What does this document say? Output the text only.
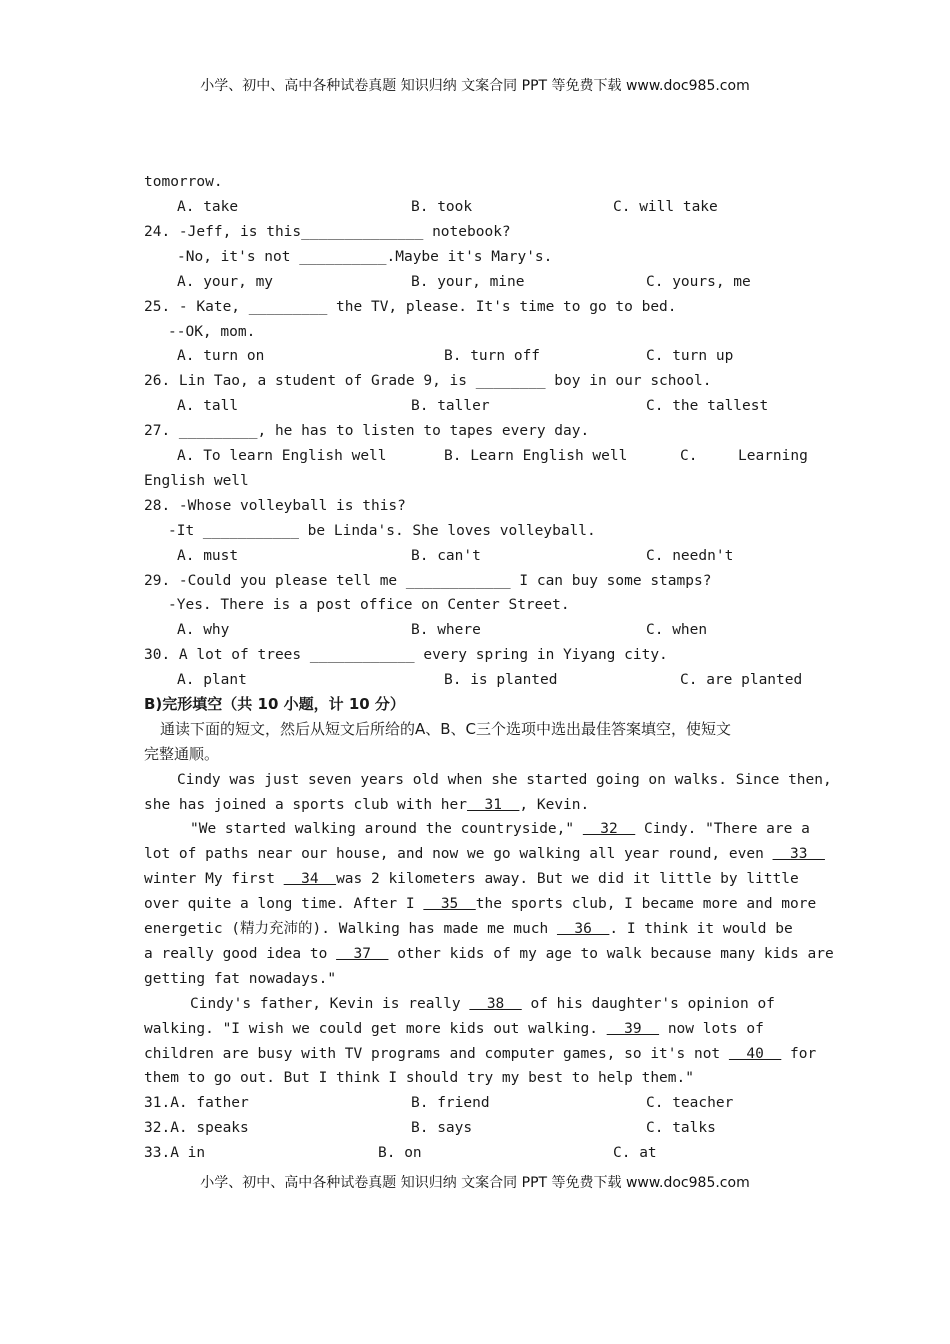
小学、初中、高中各种试卷真题 知识归纳 文案合同 PPT 等免费下载 www.doc985.com
tomorrow.
A. take	B. took	C. will take
24. -Jeff, is this______________ notebook?
-No, it's not __________.Maybe it's Mary's.
A. your, my	B. your, mine	C. yours, me
25. - Kate, _________ the TV, please. It's time to go to bed.
--OK, mom.
A. turn on	B. turn off	C. turn up
26. Lin Tao, a student of Grade 9, is ________ boy in our school.
A. tall	B. taller	C. the tallest
27. _________, he has to listen to tapes every day.
A. To learn English well	B. Learn English well	C.	Learning
English well
28. -Whose volleyball is this?
-It ___________ be Linda's. She loves volleyball.
A. must	B. can't	C. needn't
29. -Could you please tell me ____________ I can buy some stamps?
-Yes. There is a post office on Center Street.
A. why	B. where	C. when
30. A lot of trees ____________ every spring in Yiyang city.
A. plant	B. is planted	C. are planted
B)完形填空（共 10 小题，计 10 分）
通读下面的短文，然后从短文后所给的A、B、C三个选项中选出最佳答案填空，使短文
完整通顺。
Cindy was just seven years old when she started going on walks. Since then,
she has joined a sports club with her  31  , Kevin.
"We started walking around the countryside,"   32   Cindy. "There are a
lot of paths near our house, and now we go walking all year round, even   33
winter My first   34  was 2 kilometers away. But we did it little by little
over quite a long time. After I   35  the sports club, I became more and more
energetic (精力充沛的). Walking has made me much   36  . I think it would be
a really good idea to   37   other kids of my age to walk because many kids are
getting fat nowadays."
Cindy's father, Kevin is really   38   of his daughter's opinion of
walking. "I wish we could get more kids out walking.   39   now lots of
children are busy with TV programs and computer games, so it's not   40   for
them to go out. But I think I should try my best to help them."
31.A. father	B. friend	C. teacher
32.A. speaks	B. says	C. talks
33.A in	B. on	C. at
小学、初中、高中各种试卷真题 知识归纳 文案合同 PPT 等免费下载 www.doc985.com
